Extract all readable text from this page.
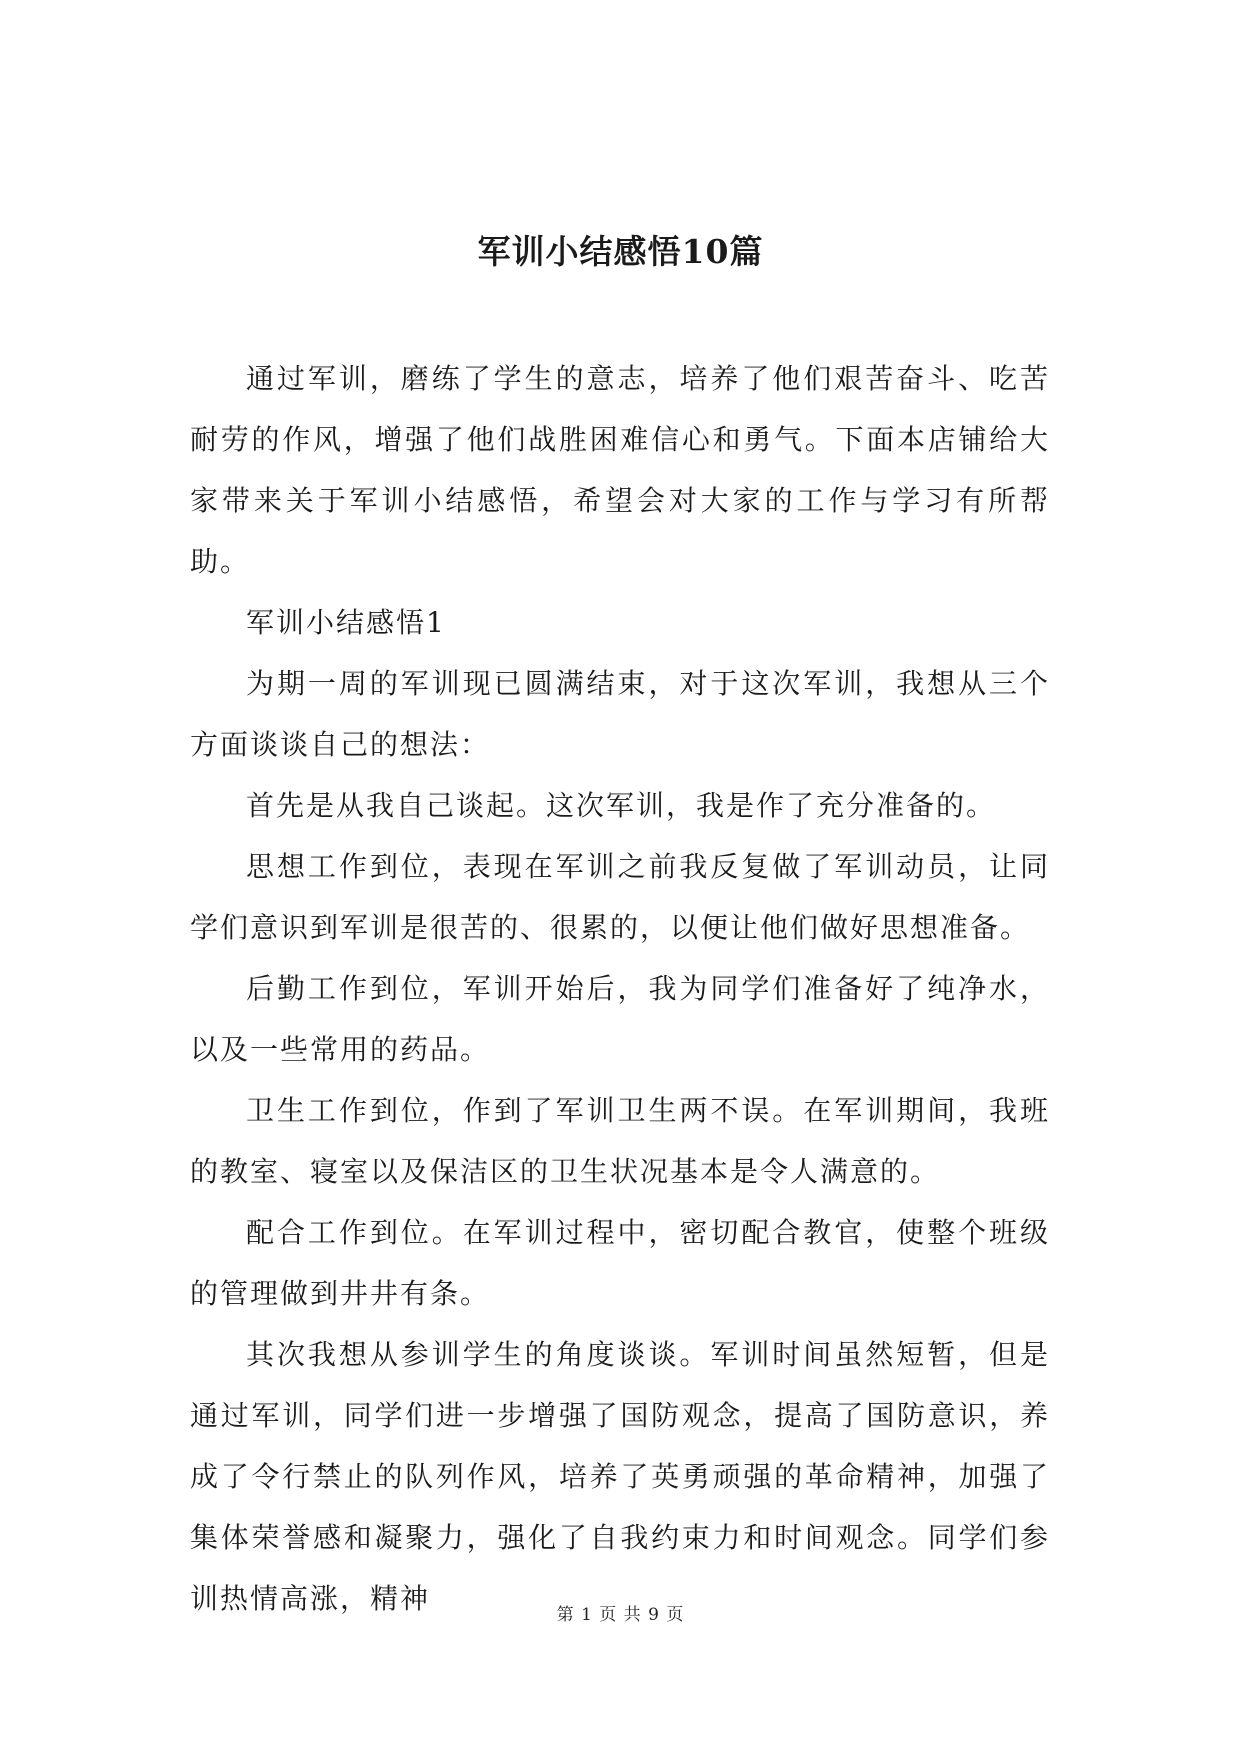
军训小结感悟10篇

通过军训，磨练了学生的意志，培养了他们艰苦奋斗、吃苦耐劳的作风，增强了他们战胜困难信心和勇气。下面本店铺给大家带来关于军训小结感悟，希望会对大家的工作与学习有所帮助。

军训小结感悟1

为期一周的军训现已圆满结束，对于这次军训，我想从三个方面谈谈自己的想法：

首先是从我自己谈起。这次军训，我是作了充分准备的。

思想工作到位，表现在军训之前我反复做了军训动员，让同学们意识到军训是很苦的、很累的，以便让他们做好思想准备。

后勤工作到位，军训开始后，我为同学们准备好了纯净水，以及一些常用的药品。

卫生工作到位，作到了军训卫生两不误。在军训期间，我班的教室、寝室以及保洁区的卫生状况基本是令人满意的。

配合工作到位。在军训过程中，密切配合教官，使整个班级的管理做到井井有条。

其次我想从参训学生的角度谈谈。军训时间虽然短暂，但是通过军训，同学们进一步增强了国防观念，提高了国防意识，养成了令行禁止的队列作风，培养了英勇顽强的革命精神，加强了集体荣誉感和凝聚力，强化了自我约束力和时间观念。同学们参训热情高涨，精神	第 1 页 共 9 页
